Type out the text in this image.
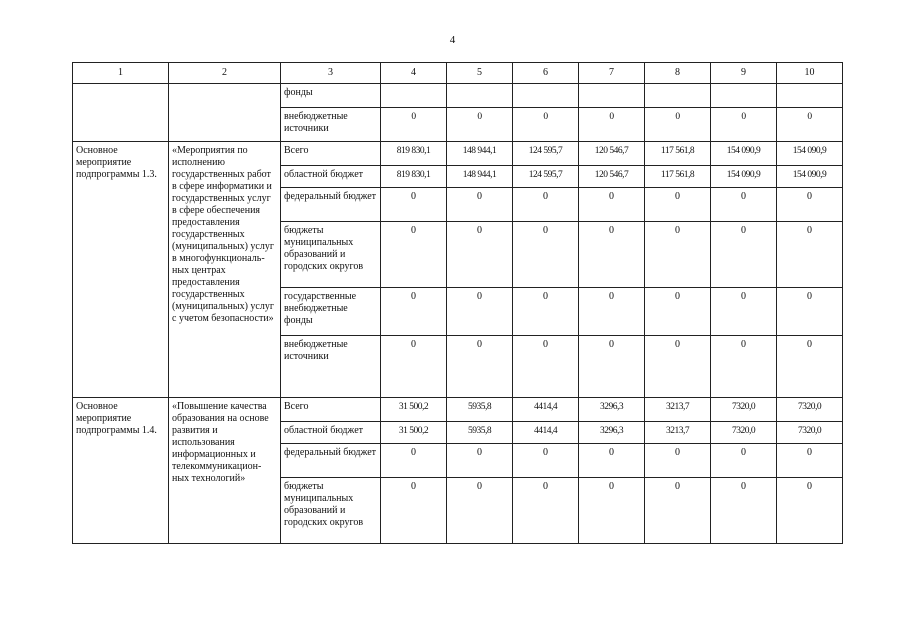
4
1	2	3	4	5	6	7	8	9	10
		фонды							
		внебюджетные источники	0	0	0	0	0	0	0
Основное мероприятие подпрограммы 1.3.	«Мероприятия по исполнению государственных работ в сфере информатики и государственных услуг в сфере обеспечения предоставления государственных (муниципальных) услуг в многофункциональ-ных центрах предоставления государственных (муниципальных) услуг с учетом безопасности»	Всего	819 830,1	148 944,1	124 595,7	120 546,7	117 561,8	154 090,9	154 090,9
		областной бюджет	819 830,1	148 944,1	124 595,7	120 546,7	117 561,8	154 090,9	154 090,9
		федеральный бюджет	0	0	0	0	0	0	0
		бюджеты муниципальных образований и городских округов	0	0	0	0	0	0	0
		государственные внебюджетные фонды	0	0	0	0	0	0	0
		внебюджетные источники	0	0	0	0	0	0	0
Основное мероприятие подпрограммы 1.4.	«Повышение качества образования на основе развития и использования информационных и телекоммуникацион-ных технологий»	Всего	31 500,2	5935,8	4414,4	3296,3	3213,7	7320,0	7320,0
		областной бюджет	31 500,2	5935,8	4414,4	3296,3	3213,7	7320,0	7320,0
		федеральный бюджет	0	0	0	0	0	0	0
		бюджеты муниципальных образований и городских округов	0	0	0	0	0	0	0
